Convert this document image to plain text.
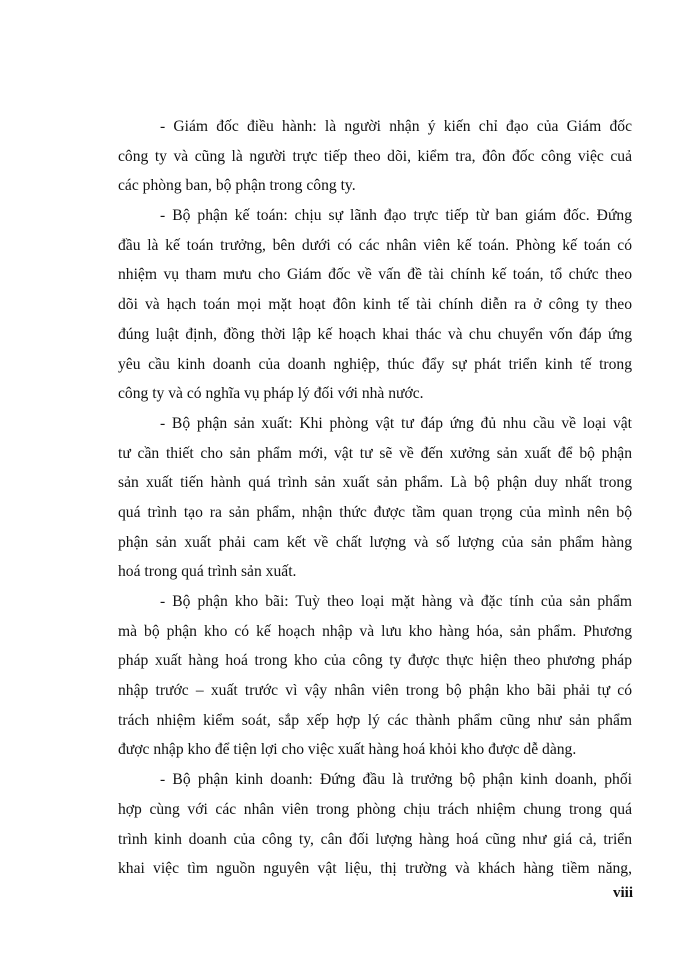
- Giám đốc điều hành: là người nhận ý kiến chỉ đạo của Giám đốc
công ty và cũng là người trực tiếp theo dõi, kiểm tra, đôn đốc công việc cuả
các phòng ban, bộ phận trong công ty.
- Bộ phận kế toán: chịu sự lãnh đạo trực tiếp từ ban giám đốc. Đứng
đầu là kế toán trưởng, bên dưới có các nhân viên kế toán. Phòng kế toán có
nhiệm vụ tham mưu cho Giám đốc về vấn đề tài chính kế toán, tổ chức theo
dõi và hạch toán mọi mặt hoạt đôn kinh tế tài chính diễn ra ở công ty theo
đúng luật định, đồng thời lập kế hoạch khai thác và chu chuyển vốn đáp ứng
yêu cầu kinh doanh của doanh nghiệp, thúc đẩy sự phát triển kinh tế trong
công ty và có nghĩa vụ pháp lý đối với nhà nước.
- Bộ phận sản xuất: Khi phòng vật tư đáp ứng đủ nhu cầu về loại vật
tư cần thiết cho sản phẩm mới, vật tư sẽ về đến xưởng sản xuất để bộ phận
sản xuất tiến hành quá trình sản xuất sản phẩm. Là bộ phận duy nhất trong
quá trình tạo ra sản phẩm, nhận thức được tầm quan trọng của mình nên bộ
phận sản xuất phải cam kết về chất lượng và số lượng của sản phẩm hàng
hoá trong quá trình sản xuất.
- Bộ phận kho bãi: Tuỳ theo loại mặt hàng và đặc tính của sản phẩm
mà bộ phận kho có kế hoạch nhập và lưu kho hàng hóa, sản phẩm. Phương
pháp xuất hàng hoá trong kho của công ty được thực hiện theo phương pháp
nhập trước – xuất trước vì vậy nhân viên trong bộ phận kho bãi phải tự có
trách nhiệm kiểm soát, sắp xếp hợp lý các thành phẩm cũng như sản phẩm
được nhập kho để tiện lợi cho việc xuất hàng hoá khỏi kho được dễ dàng.
- Bộ phận kinh doanh: Đứng đầu là trưởng bộ phận kinh doanh, phối
hợp cùng với các nhân viên trong phòng chịu trách nhiệm chung trong quá
trình kinh doanh của công ty, cân đối lượng hàng hoá cũng như giá cả, triển
khai việc tìm nguồn nguyên vật liệu, thị trường và khách hàng tiềm năng,
viii
